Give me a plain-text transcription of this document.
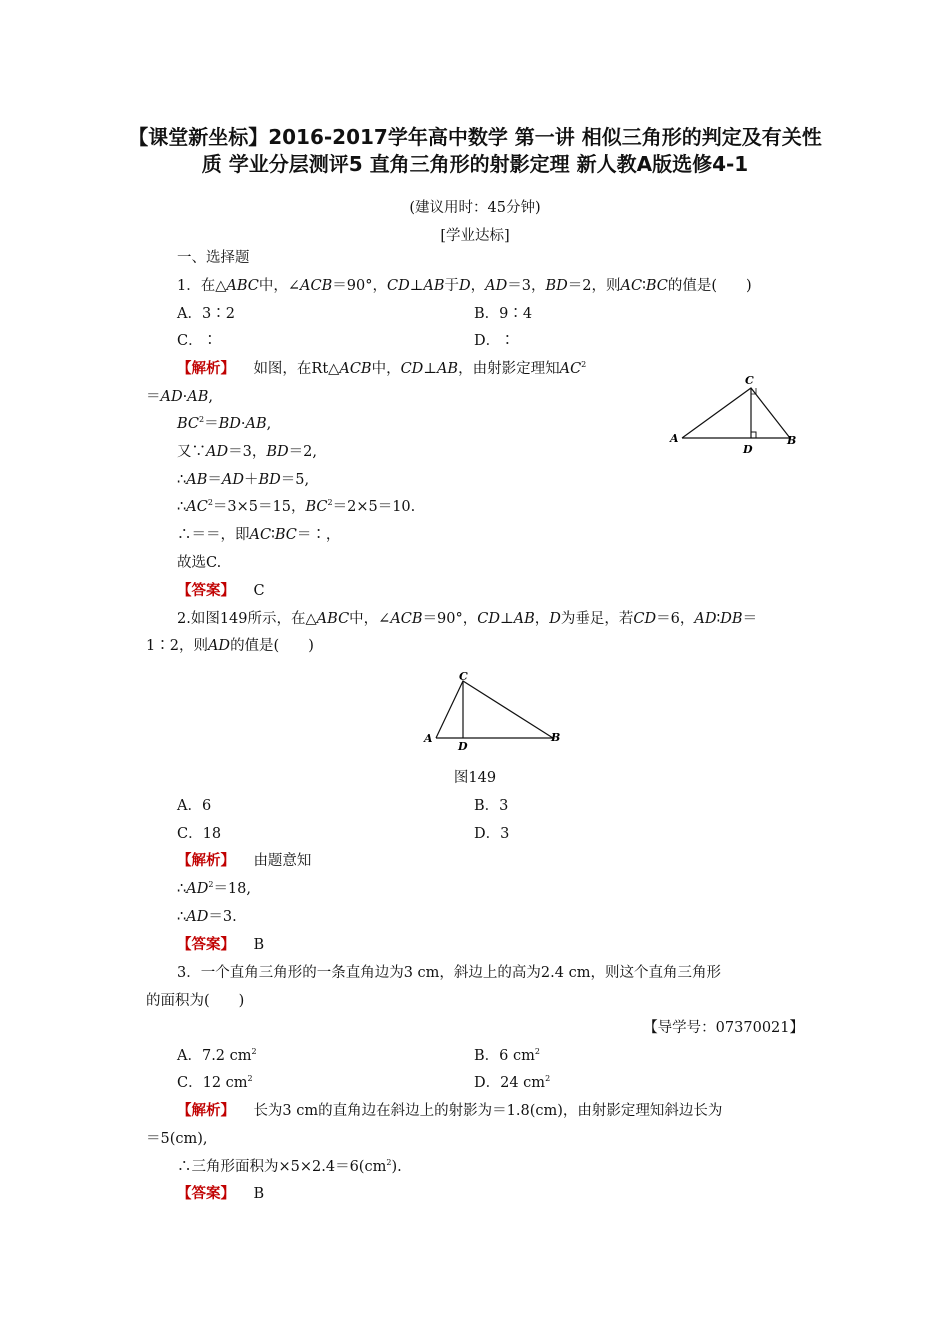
【课堂新坐标】2016-2017学年高中数学 第一讲 相似三角形的判定及有关性质 学业分层测评5 直角三角形的射影定理 新人教A版选修4-1
(建议用时：45分钟)
[学业达标]
一、选择题
1．在△ABC中，∠ACB＝90°，CD⊥AB于D，AD＝3，BD＝2，则AC∶BC的值是(　　)
A．3∶2	B．9∶4
C．∶	D．∶
【解析】 如图，在Rt△ACB中，CD⊥AB，由射影定理知$AC^2$
＝AD·AB,
$BC^2=BD\cdot AB$,
又∵AD＝3，BD＝2,
∴AB＝AD＋BD＝5,
$\therefore AC^2=3\times 5=15$，$BC^2=2\times 5=10$.
∴＝＝，即AC∶BC＝∶，
故选C.
【答案】 C
C
A
D
B
2.如图149所示，在△ABC中，∠ACB＝90°，CD⊥AB，D为垂足，若CD＝6，AD∶DB＝
1∶2，则AD的值是(　　)
C
A
D
B
图149
A．6	B．3
C．18	D．3
【解析】 由题意知
$\therefore AD^2=18$,
∴AD＝3.
【答案】 B
3．一个直角三角形的一条直角边为3 cm，斜边上的高为2.4 cm，则这个直角三角形
的面积为(　　)
【导学号：07370021】
A．7.2 $cm^2$	B．6 $cm^2$
C．12 $cm^2$	D．24 $cm^2$
【解析】 长为3 cm的直角边在斜边上的射影为＝1.8(cm)，由射影定理知斜边长为
＝5(cm),
∴三角形面积为$\times 5\times 2.4=6(cm^2)$.
【答案】 B
